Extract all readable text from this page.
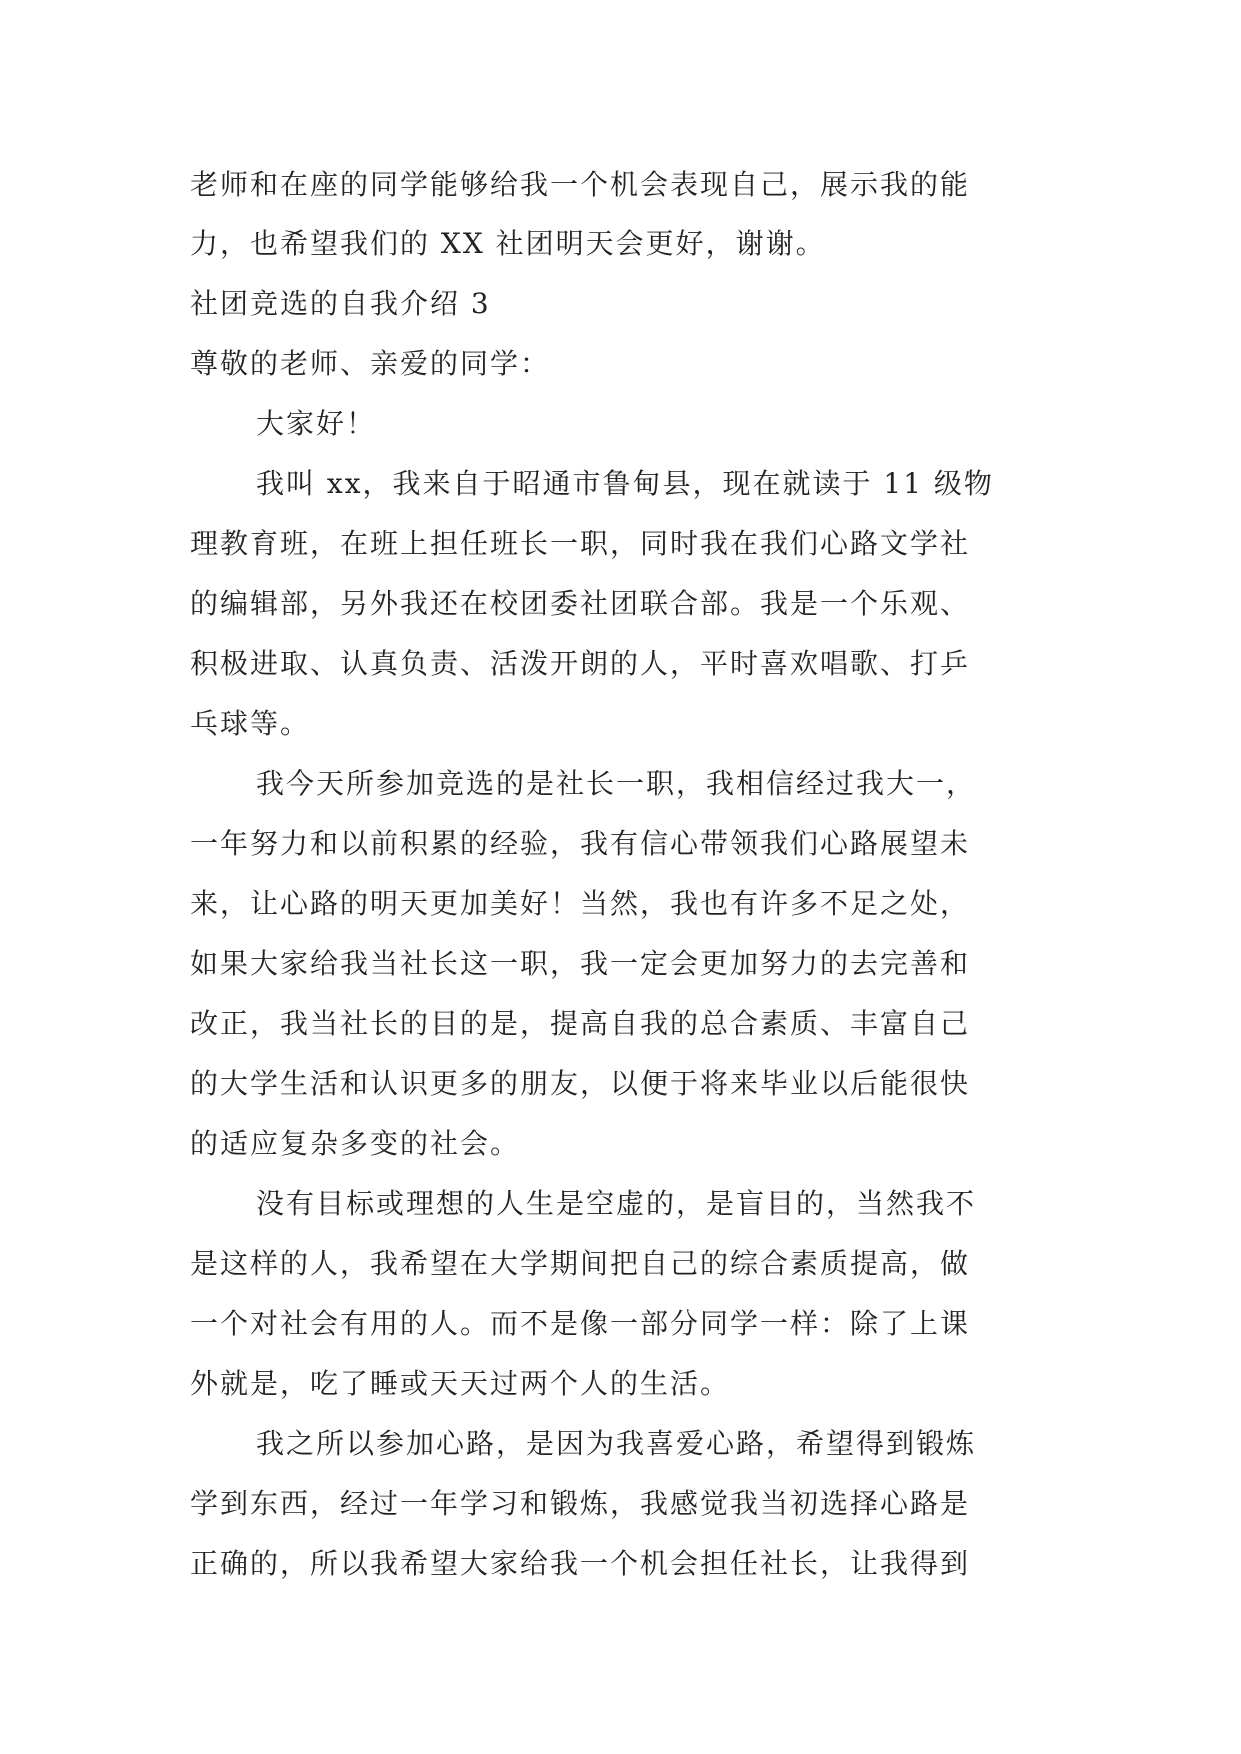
老师和在座的同学能够给我一个机会表现自己，展示我的能
力，也希望我们的 XX 社团明天会更好，谢谢。
社团竞选的自我介绍 3
尊敬的老师、亲爱的同学：
大家好！
我叫 xx，我来自于昭通市鲁甸县，现在就读于 11 级物
理教育班，在班上担任班长一职，同时我在我们心路文学社
的编辑部，另外我还在校团委社团联合部。我是一个乐观、
积极进取、认真负责、活泼开朗的人，平时喜欢唱歌、打乒
乓球等。
我今天所参加竞选的是社长一职，我相信经过我大一，
一年努力和以前积累的经验，我有信心带领我们心路展望未
来，让心路的明天更加美好！当然，我也有许多不足之处，
如果大家给我当社长这一职，我一定会更加努力的去完善和
改正，我当社长的目的是，提高自我的总合素质、丰富自己
的大学生活和认识更多的朋友，以便于将来毕业以后能很快
的适应复杂多变的社会。
没有目标或理想的人生是空虚的，是盲目的，当然我不
是这样的人，我希望在大学期间把自己的综合素质提高，做
一个对社会有用的人。而不是像一部分同学一样：除了上课
外就是，吃了睡或天天过两个人的生活。
我之所以参加心路，是因为我喜爱心路，希望得到锻炼
学到东西，经过一年学习和锻炼，我感觉我当初选择心路是
正确的，所以我希望大家给我一个机会担任社长，让我得到
